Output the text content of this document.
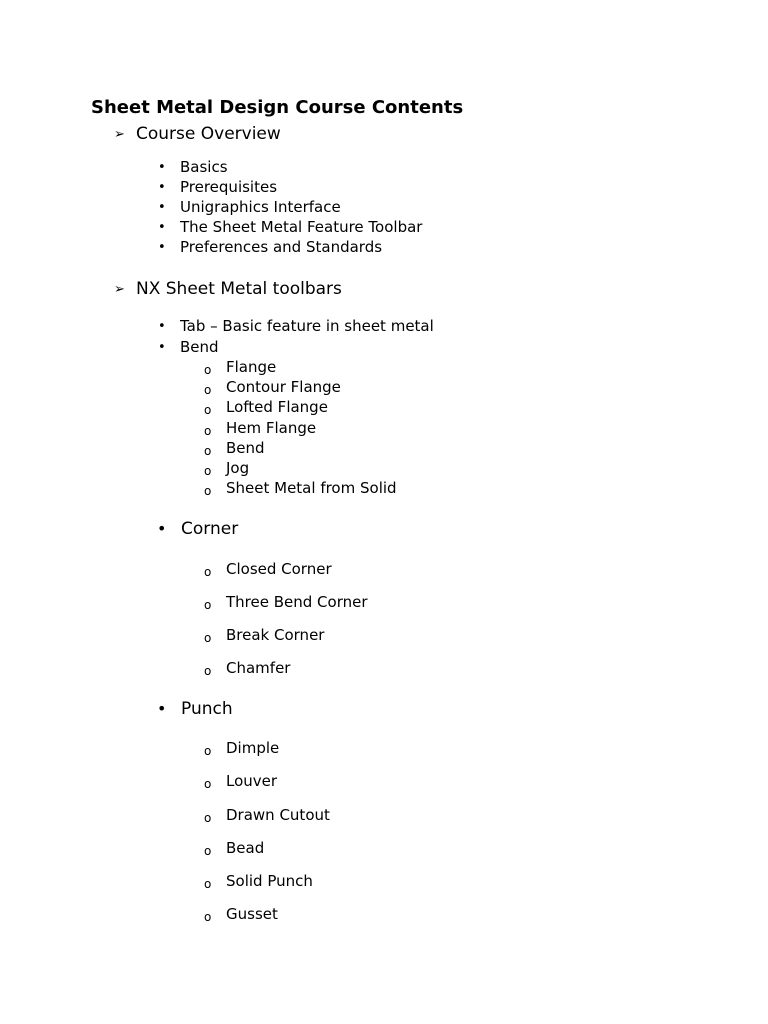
Sheet Metal Design Course Contents
➢ Course Overview
• Basics
• Prerequisites
• Unigraphics Interface
• The Sheet Metal Feature Toolbar
• Preferences and Standards
➢ NX Sheet Metal toolbars
• Tab – Basic feature in sheet metal
• Bend
o Flange
o Contour Flange
o Lofted Flange
o Hem Flange
o Bend
o Jog
o Sheet Metal from Solid
• Corner
o Closed Corner
o Three Bend Corner
o Break Corner
o Chamfer
• Punch
o Dimple
o Louver
o Drawn Cutout
o Bead
o Solid Punch
o Gusset
